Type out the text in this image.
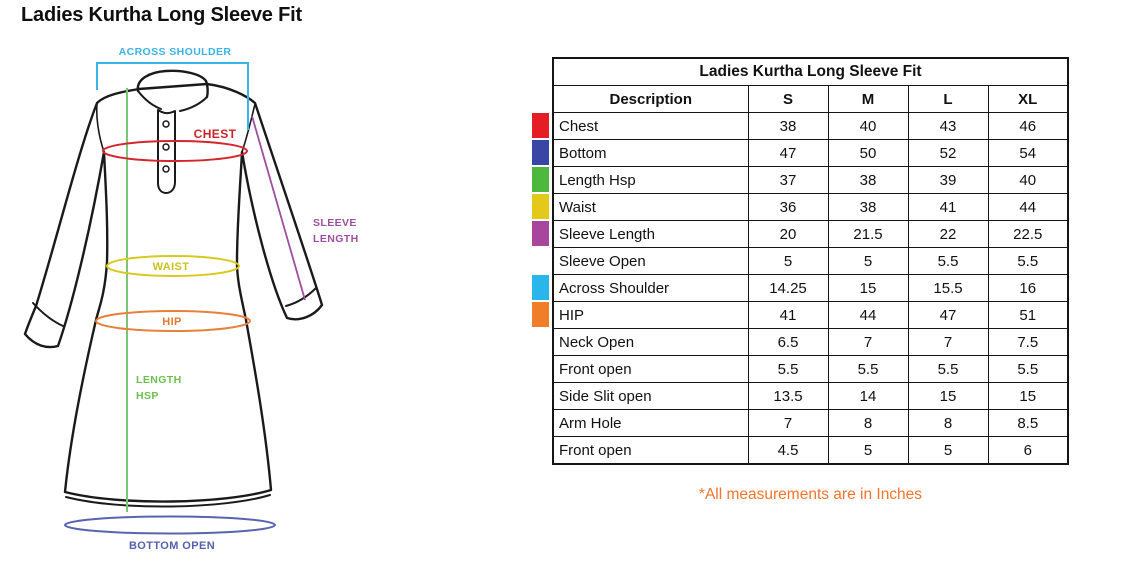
Ladies Kurtha Long Sleeve Fit
ACROSS SHOULDER
CHEST
WAIST
HIP
SLEEVE
LENGTH
LENGTH
HSP
BOTTOM OPEN
Ladies Kurtha Long Sleeve Fit				
Description	S	M	L	XL
Chest	38	40	43	46
Bottom	47	50	52	54
Length Hsp	37	38	39	40
Waist	36	38	41	44
Sleeve Length	20	21.5	22	22.5
Sleeve Open	5	5	5.5	5.5
Across Shoulder	14.25	15	15.5	16
HIP	41	44	47	51
Neck Open	6.5	7	7	7.5
Front open	5.5	5.5	5.5	5.5
Side Slit open	13.5	14	15	15
Arm Hole	7	8	8	8.5
Front open	4.5	5	5	6
*All measurements are in Inches
